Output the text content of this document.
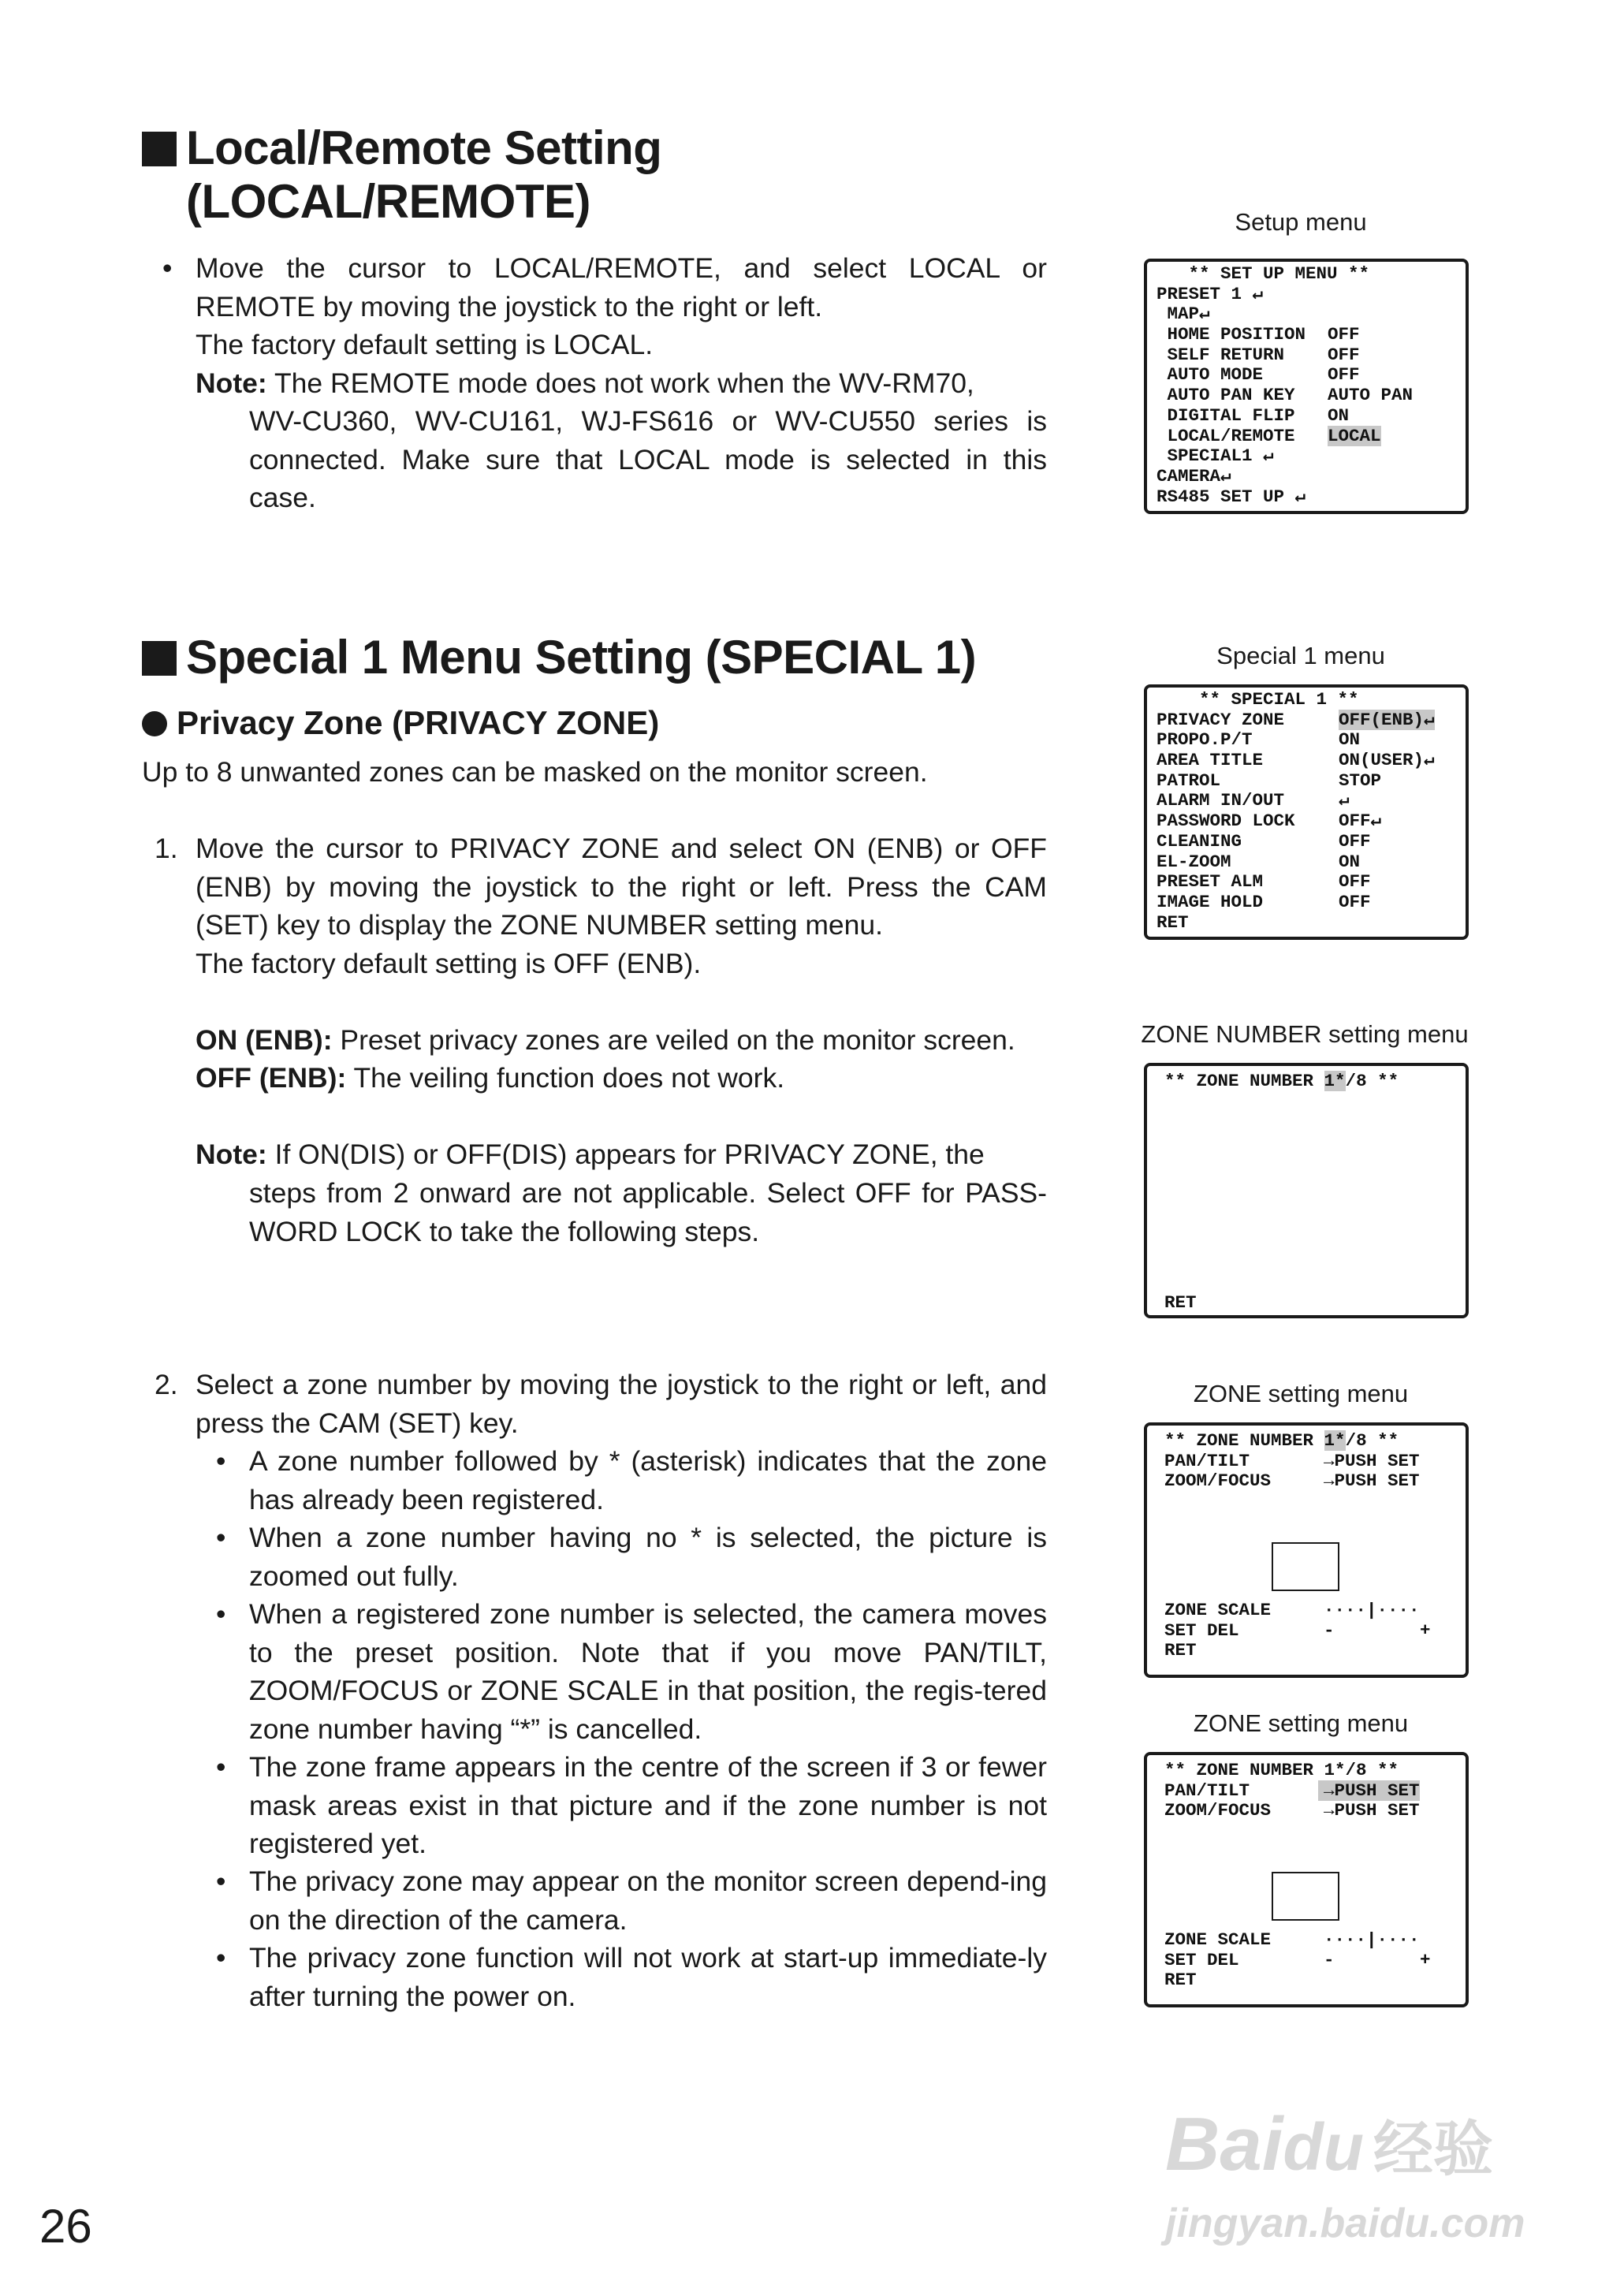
Local/Remote Setting
(LOCAL/REMOTE)
• Move the cursor to LOCAL/REMOTE, and select LOCAL or REMOTE by moving the joystick to the right or left.
The factory default setting is LOCAL.
Note: The REMOTE mode does not work when the WV-RM70,
WV-CU360, WV-CU161, WJ-FS616 or WV-CU550 series is connected. Make sure that LOCAL mode is selected in this case.
Special 1 Menu Setting (SPECIAL 1)
Privacy Zone (PRIVACY ZONE)
Up to 8 unwanted zones can be masked on the monitor screen.
1. Move the cursor to PRIVACY ZONE and select ON (ENB) or OFF (ENB) by moving the joystick to the right or left. Press the CAM (SET) key to display the ZONE NUMBER setting menu.
The factory default setting is OFF (ENB).
ON (ENB): Preset privacy zones are veiled on the monitor screen.
OFF (ENB): The veiling function does not work.
Note: If ON(DIS) or OFF(DIS) appears for PRIVACY ZONE, the
steps from 2 onward are not applicable. Select OFF for PASS-WORD LOCK to take the following steps.
2. Select a zone number by moving the joystick to the right or left, and press the CAM (SET) key.
• A zone number followed by * (asterisk) indicates that the zone has already been registered.
• When a zone number having no * is selected, the picture is zoomed out fully.
• When a registered zone number is selected, the camera moves to the preset position. Note that if you move PAN/TILT, ZOOM/FOCUS or ZONE SCALE in that position, the regis-tered zone number having “*” is cancelled.
• The zone frame appears in the centre of the screen if 3 or fewer mask areas exist in that picture and if the zone number is not registered yet.
• The privacy zone may appear on the monitor screen depend-ing on the direction of the camera.
• The privacy zone function will not work at start-up immediate-ly after turning the power on.
Setup menu
** SET UP MENU **
PRESET 1 ↵
MAP↵
HOME POSITION OFF
SELF RETURN OFF
AUTO MODE	OFF
AUTO PAN KEY AUTO PAN
DIGITAL FLIP ON
LOCAL/REMOTE LOCAL
SPECIAL1 ↵
CAMERA↵
RS485 SET UP ↵
Special 1 menu
** SPECIAL 1 **
PRIVACY ZONE	OFF(ENB)↵
PROPO.P/T	ON
AREA TITLE	ON(USER)↵
PATROL	STOP
ALARM IN/OUT	↵
PASSWORD LOCK OFF↵
CLEANING	OFF
EL-ZOOM	ON
PRESET ALM	OFF
IMAGE HOLD	OFF
RET
ZONE NUMBER setting menu
** ZONE NUMBER 1*/8 **
RET
ZONE setting menu
** ZONE NUMBER 1*/8 **
PAN/TILT	→PUSH SET
ZOOM/FOCUS	→PUSH SET
ZONE SCALE	····|····
SET DEL	-	+
RET
ZONE setting menu
** ZONE NUMBER 1*/8 **
PAN/TILT	→PUSH SET
ZOOM/FOCUS	→PUSH SET
ZONE SCALE	····|····
SET DEL	-	+
RET
26
Baidu 经验
jingyan.baidu.com
